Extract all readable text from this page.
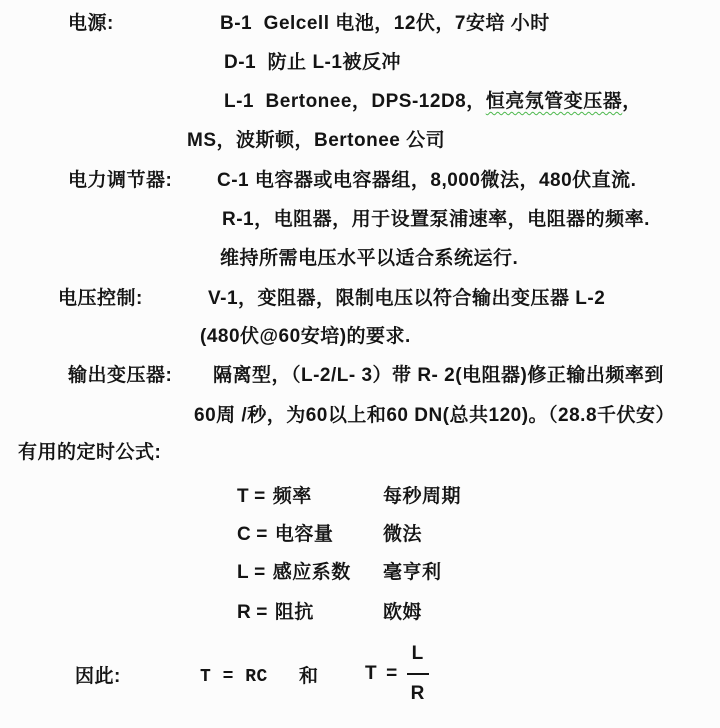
电源:	B-1  Gelcell 电池，12伏，7安培 小时
D-1  防止 L-1被反冲
L-1  Bertonee，DPS-12D8，恒亮氖管变压器，
MS，波斯顿，Bertonee 公司
电力调节器: C-1 电容器或电容器组，8,000微法，480伏直流.
R-1，电阻器，用于设置泵浦速率，电阻器的频率.
维持所需电压水平以适合系统运行.
电压控制:	V-1，变阻器，限制电压以符合输出变压器 L-2
(480伏@60安培)的要求.
输出变压器: 隔离型，（L-2/L- 3）带 R- 2(电阻器)修正输出频率到
60周 /秒，为60以上和60 DN(总共120)。（28.8千伏安）
有用的定时公式:
T = 频率	每秒周期
C = 电容量	微法
L = 感应系数 毫亨利
R = 阻抗	欧姆
因此:	T = RC 和 $T = \frac{L}{R}$
